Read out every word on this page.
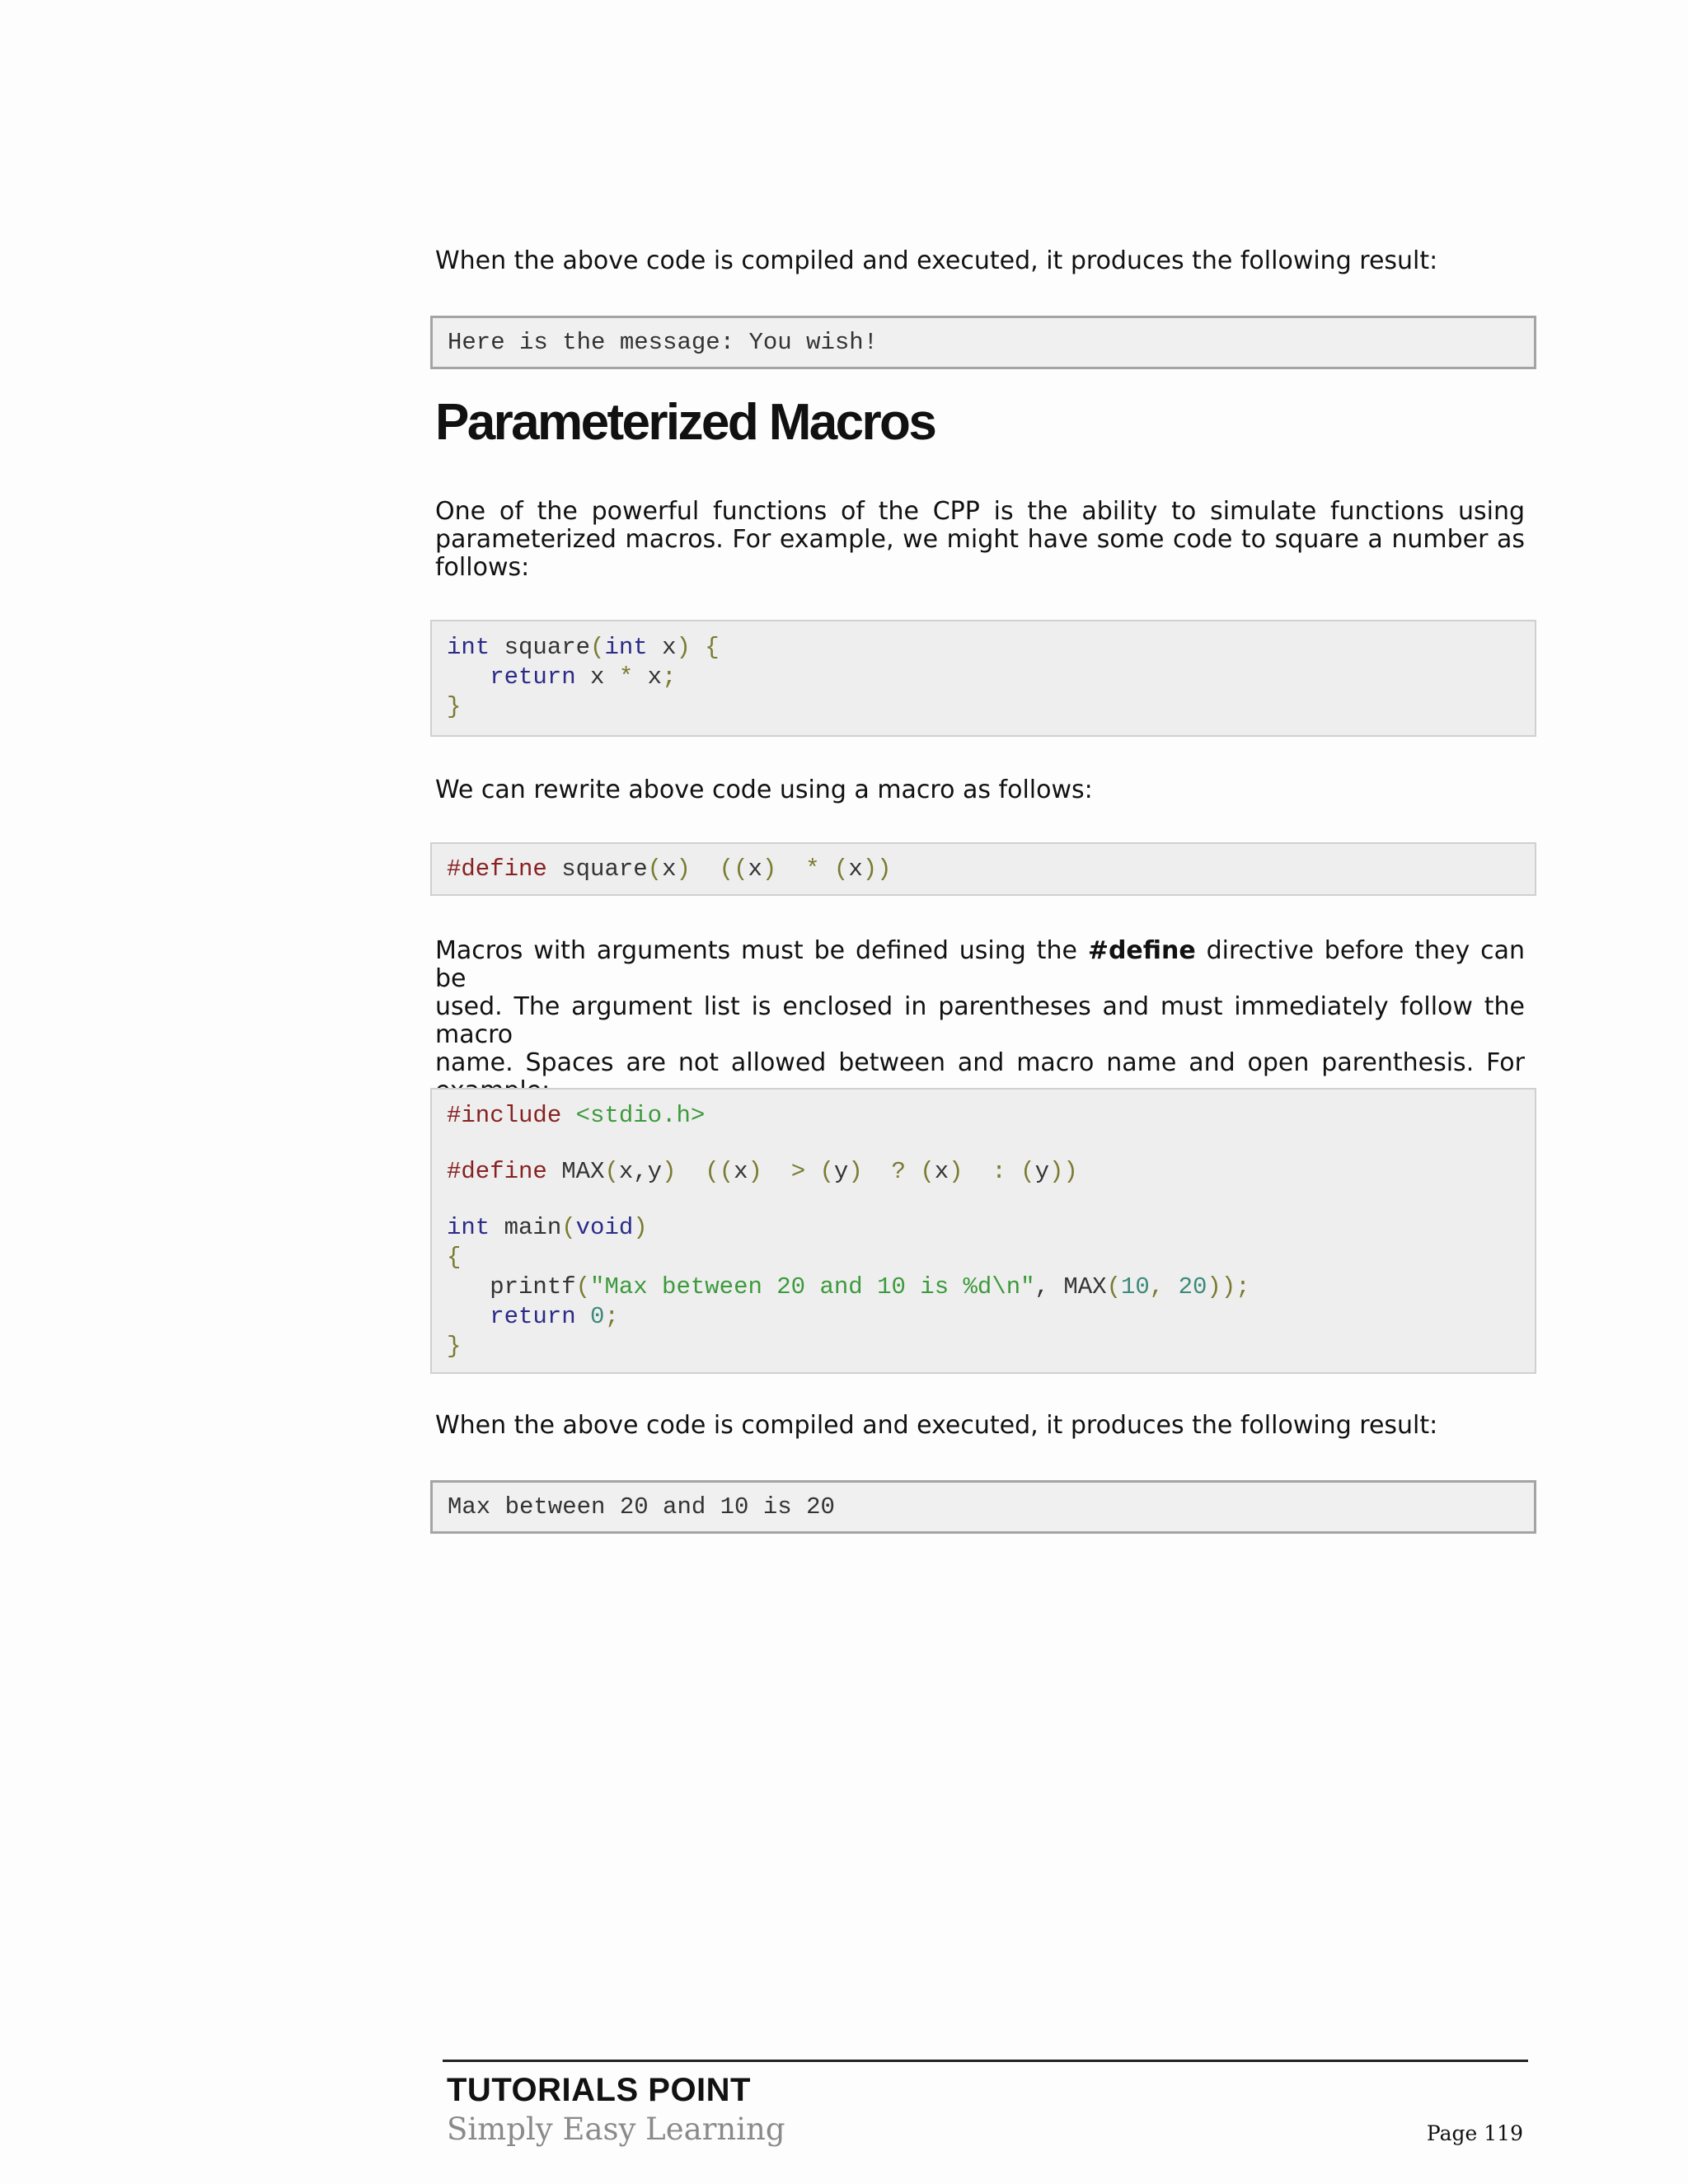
When the above code is compiled and executed, it produces the following result:

Here is the message: You wish!
Parameterized Macros
One of the powerful functions of the CPP is the ability to simulate functions using
parameterized macros. For example, we might have some code to square a number as
follows:
int square(int x) {
return x * x;
}

We can rewrite above code using a macro as follows:

#define square(x)  ((x)  * (x))
Macros with arguments must be defined using the #define directive before they can be
used. The argument list is enclosed in parentheses and must immediately follow the macro
name. Spaces are not allowed between and macro name and open parenthesis. For
#include <stdio.h>
#define MAX(x,y)  ((x)  > (y)  ? (x)  : (y))
int main(void)
{
printf("Max between 20 and 10 is %d\n", MAX(10, 20));
return 0;
}

When the above code is compiled and executed, it produces the following result:

Max between 20 and 10 is 20
TUTORIALS POINT
Simply Easy Learning	Page 119
